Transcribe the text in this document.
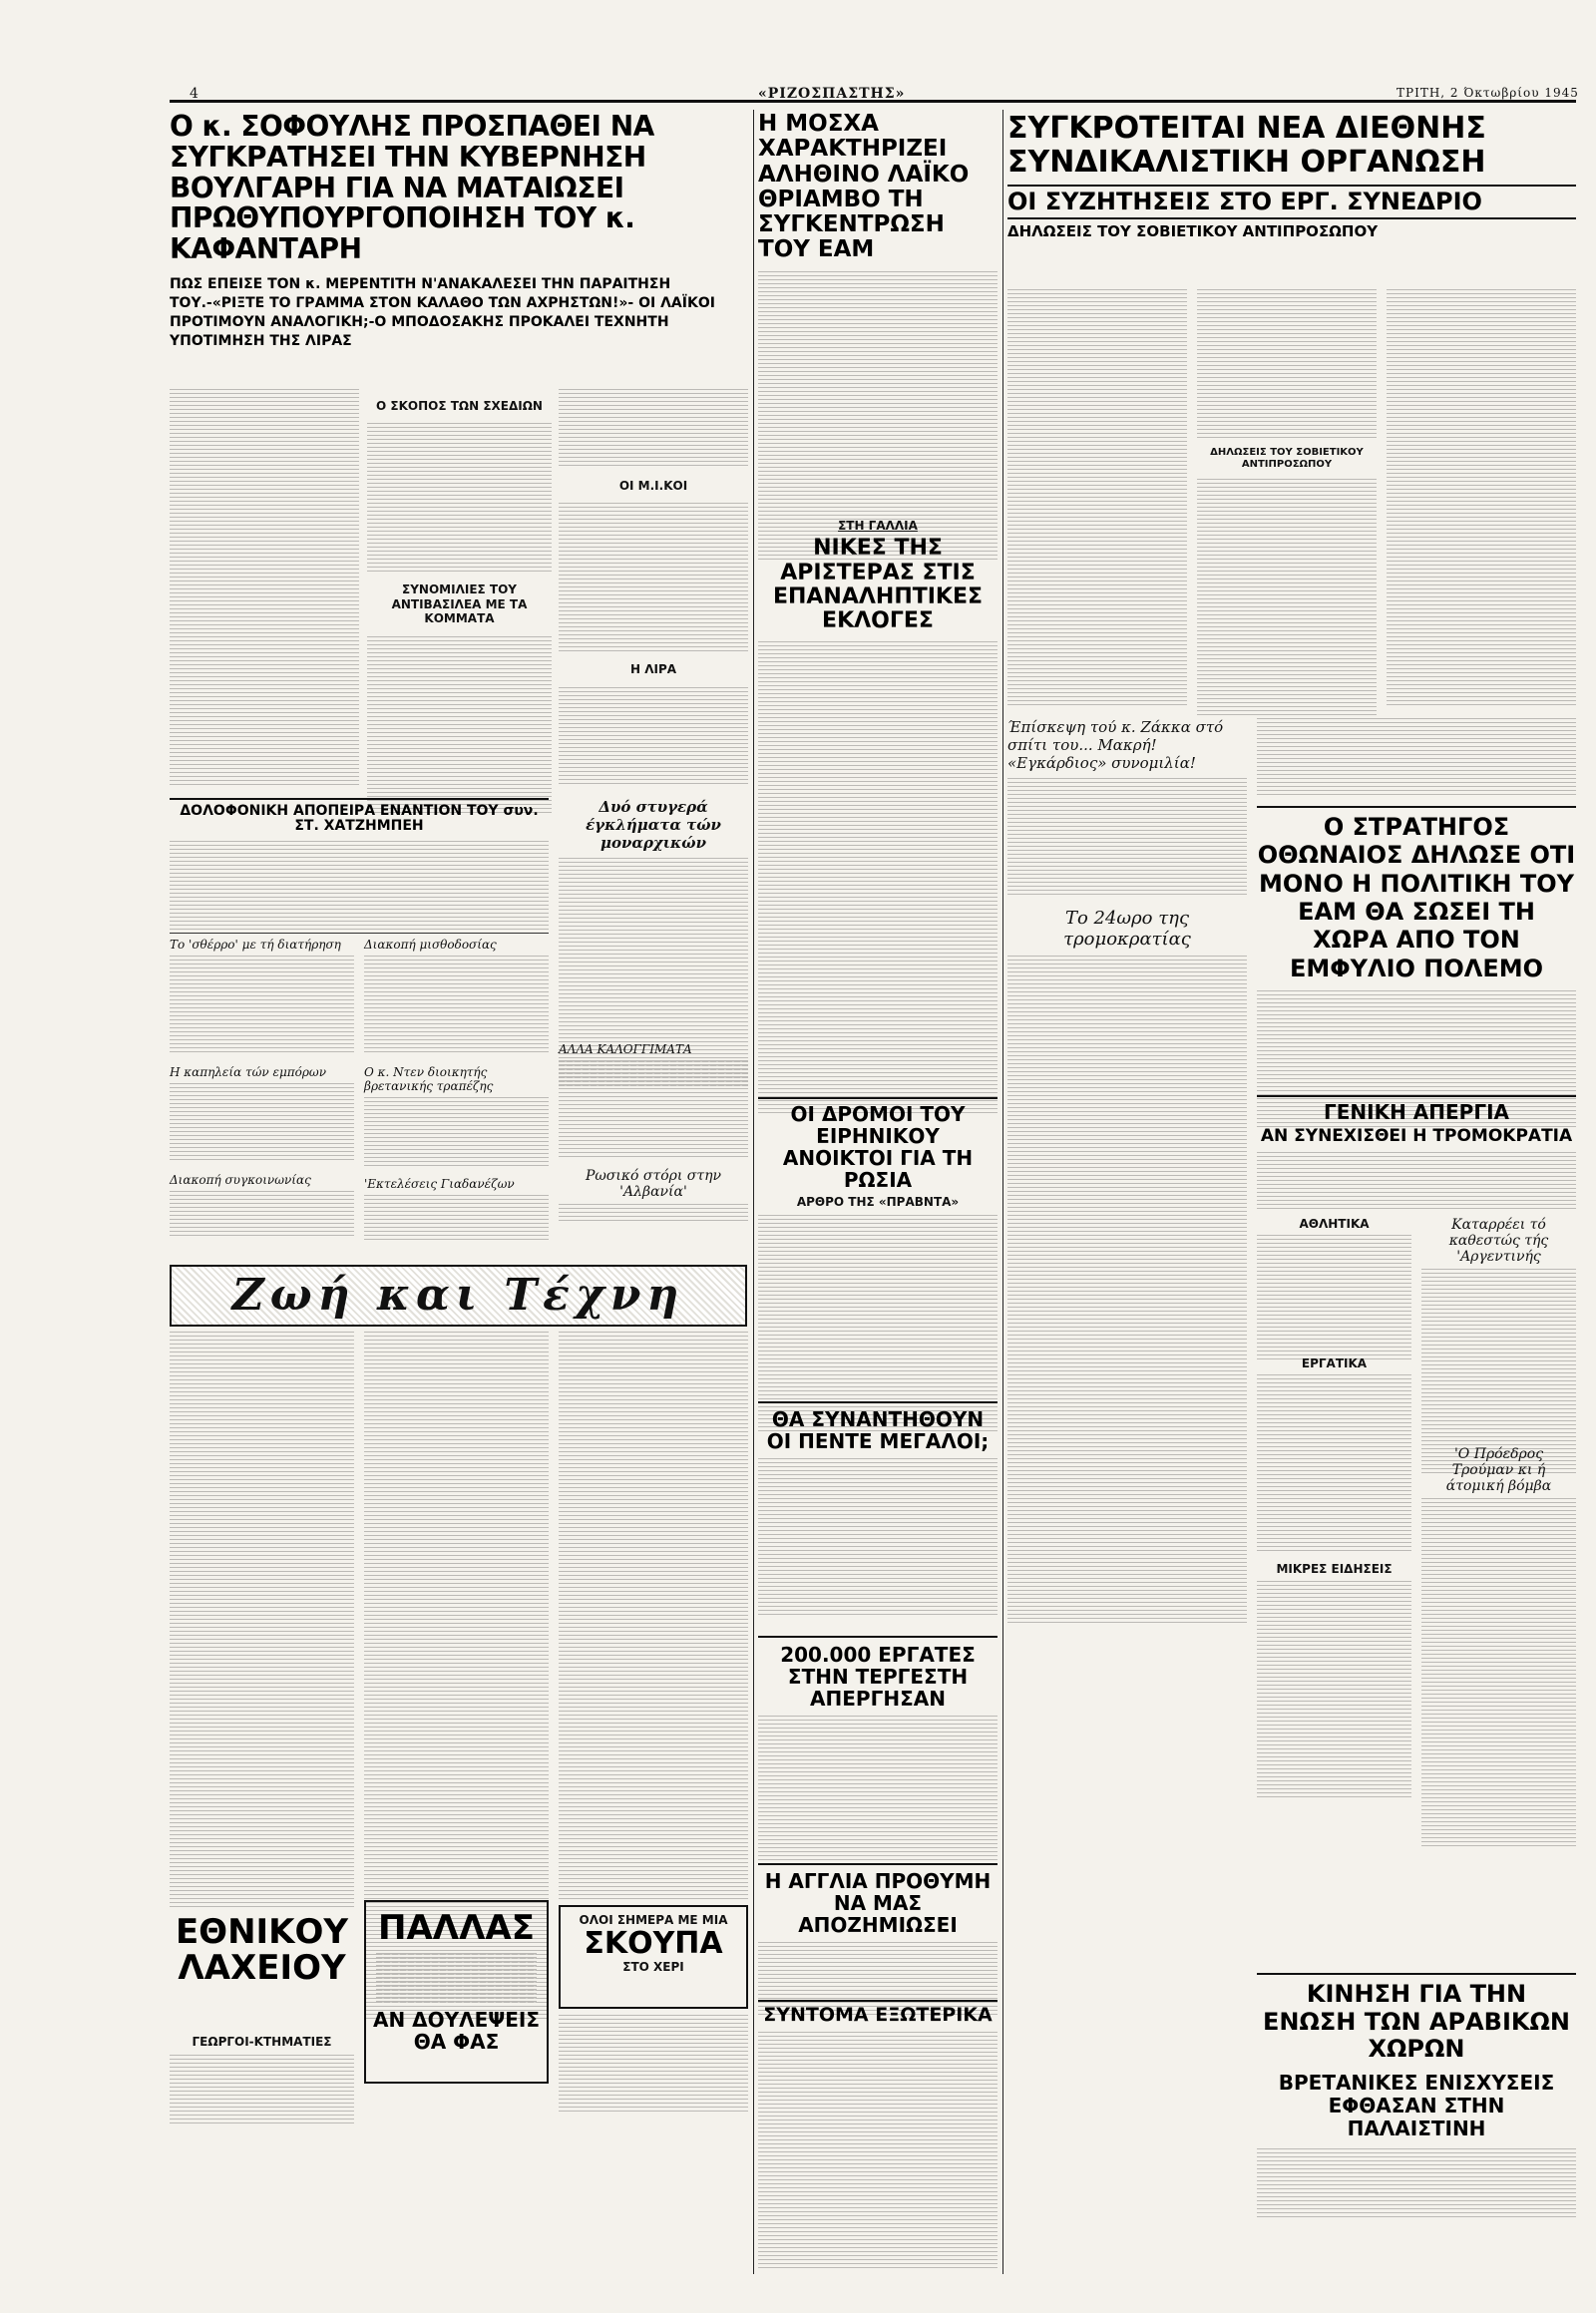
4	«ΡΙΖΟΣΠΑΣΤΗΣ»	ΤΡΙΤΗ, 2 Όκτωβρίου 1945
Ο κ. ΣΟΦΟΥΛΗΣ ΠΡΟΣΠΑΘΕΙ ΝΑ ΣΥΓΚΡΑΤΗΣΕΙ ΤΗΝ ΚΥΒΕΡΝΗΣΗ ΒΟΥΛΓΑΡΗ ΓΙΑ ΝΑ ΜΑΤΑΙΩΣΕΙ ΠΡΩΘΥΠΟΥΡΓΟΠΟΙΗΣΗ ΤΟΥ κ. ΚΑΦΑΝΤΑΡΗ
ΠΩΣ ΕΠΕΙΣΕ ΤΟΝ κ. ΜΕΡΕΝΤΙΤΗ Ν'ΑΝΑΚΑΛΕΣΕΙ ΤΗΝ ΠΑΡΑΙΤΗΣΗ ΤΟΥ.-«ΡΙΞΤΕ ΤΟ ΓΡΑΜΜΑ ΣΤΟΝ ΚΑΛΑΘΟ ΤΩΝ ΑΧΡΗΣΤΩΝ!»- ΟΙ ΛΑΪΚΟΙ ΠΡΟΤΙΜΟΥΝ ΑΝΑΛΟΓΙΚΗ;-Ο ΜΠΟΔΟΣΑΚΗΣ ΠΡΟΚΑΛΕΙ ΤΕΧΝΗΤΗ ΥΠΟΤΙΜΗΣΗ ΤΗΣ ΛΙΡΑΣ
Ο ΣΚΟΠΟΣ ΤΩΝ ΣΧΕΔΙΩΝ
ΣΥΝΟΜΙΛΙΕΣ ΤΟΥ ΑΝΤΙΒΑΣΙΛΕΑ ΜΕ ΤΑ ΚΟΜΜΑΤΑ
ΟΙ Μ.Ι.ΚΟΙ
Η ΛΙΡΑ
ΔΟΛΟΦΟΝΙΚΗ ΑΠΟΠΕΙΡΑ ΕΝΑΝΤΙΟΝ ΤΟΥ συν. ΣΤ. ΧΑΤΖΗΜΠΕΗ
Δυό στυγερά έγκλήματα τών μοναρχικών
Το 'σθέρρο' με τή διατήρηση
Η καπηλεία τών εμπόρων
Διακοπή συγκοινωνίας
Διακοπή μισθοδοσίας
Ο κ. Ντεν διοικητής βρετανικής τραπέζης
'Εκτελέσεις Γιαδανέζων
ΑΛΛΑ ΚΑΛΟΓΓΙΜΑΤΑ
Ρωσικό στόρι στην 'Αλβανία'
Ζωή και Τέχνη
ΕΘΝΙΚΟΥ ΛΑΧΕΙΟΥ
ΓΕΩΡΓΟΙ-ΚΤΗΜΑΤΙΕΣ
ΠΑΛΛΑΣ
ΑΝ ΔΟΥΛΕΨΕΙΣ ΘΑ ΦΑΣ
ΟΛΟΙ ΣΗΜΕΡΑ ΜΕ ΜΙΑ
ΣΚΟΥΠΑ
ΣΤΟ ΧΕΡΙ
Η ΜΟΣΧΑ ΧΑΡΑΚΤΗΡΙΖΕΙ ΑΛΗΘΙΝΟ ΛΑΪΚΟ ΘΡΙΑΜΒΟ ΤΗ ΣΥΓΚΕΝΤΡΩΣΗ ΤΟΥ ΕΑΜ
ΣΤΗ ΓΑΛΛΙΑ
ΝΙΚΕΣ ΤΗΣ ΑΡΙΣΤΕΡΑΣ ΣΤΙΣ ΕΠΑΝΑΛΗΠΤΙΚΕΣ ΕΚΛΟΓΕΣ
ΟΙ ΔΡΟΜΟΙ ΤΟΥ ΕΙΡΗΝΙΚΟΥ ΑΝΟΙΚΤΟΙ ΓΙΑ ΤΗ ΡΩΣΙΑ
ΑΡΘΡΟ ΤΗΣ «ΠΡΑΒΝΤΑ»
ΘΑ ΣΥΝΑΝΤΗΘΟΥΝ ΟΙ ΠΕΝΤΕ ΜΕΓΑΛΟΙ;
200.000 ΕΡΓΑΤΕΣ ΣΤΗΝ ΤΕΡΓΕΣΤΗ ΑΠΕΡΓΗΣΑΝ
Η ΑΓΓΛΙΑ ΠΡΟΘΥΜΗ ΝΑ ΜΑΣ ΑΠΟΖΗΜΙΩΣΕΙ
ΣΥΝΤΟΜΑ ΕΞΩΤΕΡΙΚΑ
ΣΥΓΚΡΟΤΕΙΤΑΙ ΝΕΑ ΔΙΕΘΝΗΣ ΣΥΝΔΙΚΑΛΙΣΤΙΚΗ ΟΡΓΑΝΩΣΗ
ΟΙ ΣΥΖΗΤΗΣΕΙΣ ΣΤΟ ΕΡΓ. ΣΥΝΕΔΡΙΟ
ΔΗΛΩΣΕΙΣ ΤΟΥ ΣΟΒΙΕΤΙΚΟΥ ΑΝΤΙΠΡΟΣΩΠΟΥ
ΔΗΛΩΣΕΙΣ ΤΟΥ ΣΟΒΙΕΤΙΚΟΥ ΑΝΤΙΠΡΟΣΩΠΟΥ
Έπίσκεψη τού κ. Ζάκκα στό σπίτι του... Μακρή! «Εγκάρδιος» συνομιλία!
Το 24ωρο της τρομοκρατίας
Ο ΣΤΡΑΤΗΓΟΣ ΟΘΩΝΑΙΟΣ ΔΗΛΩΣΕ ΟΤΙ ΜΟΝΟ Η ΠΟΛΙΤΙΚΗ ΤΟΥ ΕΑΜ ΘΑ ΣΩΣΕΙ ΤΗ ΧΩΡΑ ΑΠΟ ΤΟΝ ΕΜΦΥΛΙΟ ΠΟΛΕΜΟ
ΓΕΝΙΚΗ ΑΠΕΡΓΙΑ
ΑΝ ΣΥΝΕΧΙΣΘΕΙ Η ΤΡΟΜΟΚΡΑΤΙΑ
ΑΘΛΗΤΙΚΑ	Καταρρέει τό καθεστώς τής 'Αργεντινής
ΕΡΓΑΤΙΚΑ
ΜΙΚΡΕΣ ΕΙΔΗΣΕΙΣ
'Ο Πρόεδρος Τρούμαν κι ή άτομική βόμβα
ΚΙΝΗΣΗ ΓΙΑ ΤΗΝ ΕΝΩΣΗ ΤΩΝ ΑΡΑΒΙΚΩΝ ΧΩΡΩΝ
ΒΡΕΤΑΝΙΚΕΣ ΕΝΙΣΧΥΣΕΙΣ ΕΦΘΑΣΑΝ ΣΤΗΝ ΠΑΛΑΙΣΤΙΝΗ
